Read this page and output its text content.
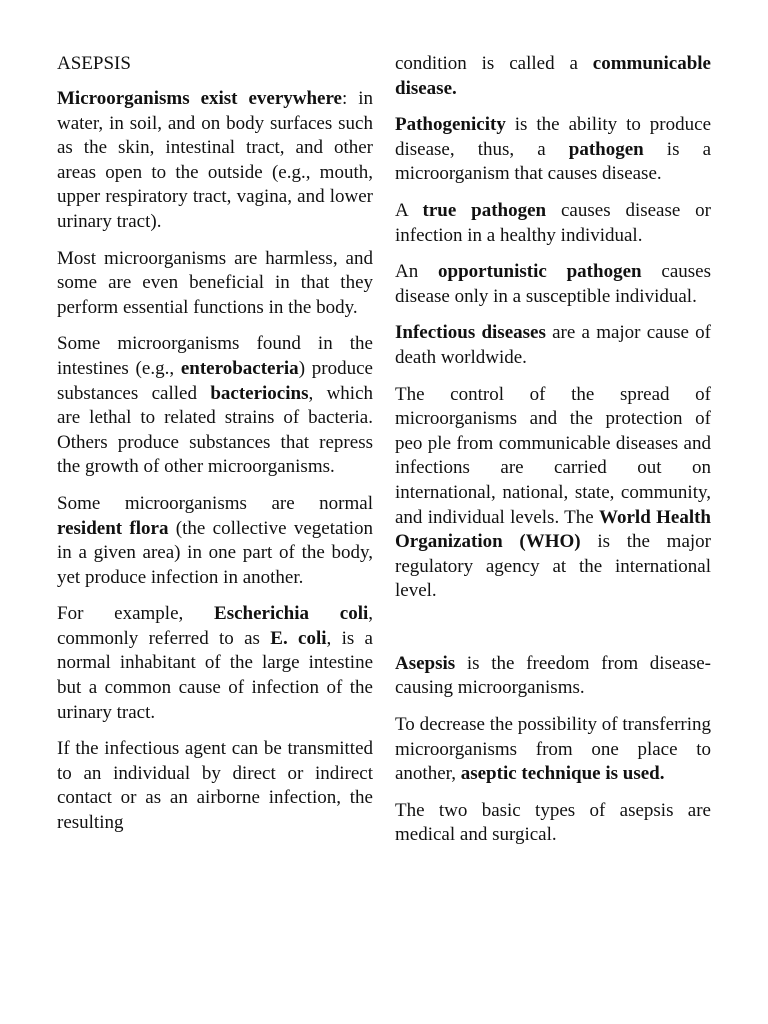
ASEPSIS

Microorganisms exist everywhere: in water, in soil, and on body surfaces such as the skin, intestinal tract, and other areas open to the outside (e.g., mouth, upper respiratory tract, vagina, and lower urinary tract).

Most microorganisms are harmless, and some are even beneficial in that they perform essential functions in the body.

Some microorganisms found in the intestines (e.g., enterobacteria) produce substances called bacteriocins, which are lethal to related strains of bacteria. Others produce substances that repress the growth of other microorganisms.

Some microorganisms are normal resident flora (the collective vegetation in a given area) in one part of the body, yet produce infection in another.

For example, Escherichia coli, commonly referred to as E. coli, is a normal inhabitant of the large intestine but a common cause of infection of the urinary tract.

If the infectious agent can be transmitted to an individual by direct or indirect contact or as an airborne infection, the resulting

condition is called a communicable disease.

Pathogenicity is the ability to produce disease, thus, a pathogen is a microorganism that causes disease.

A true pathogen causes disease or infection in a healthy individual.

An opportunistic pathogen causes disease only in a susceptible individual.

Infectious diseases are a major cause of death worldwide.

The control of the spread of microorganisms and the protection of peo ple from communicable diseases and infections are carried out on international, national, state, community, and individual levels. The World Health Organization (WHO) is the major regulatory agency at the international level.

Asepsis is the freedom from disease-causing microorganisms.

To decrease the possibility of transferring microorganisms from one place to another, aseptic technique is used.

The two basic types of asepsis are medical and surgical.
